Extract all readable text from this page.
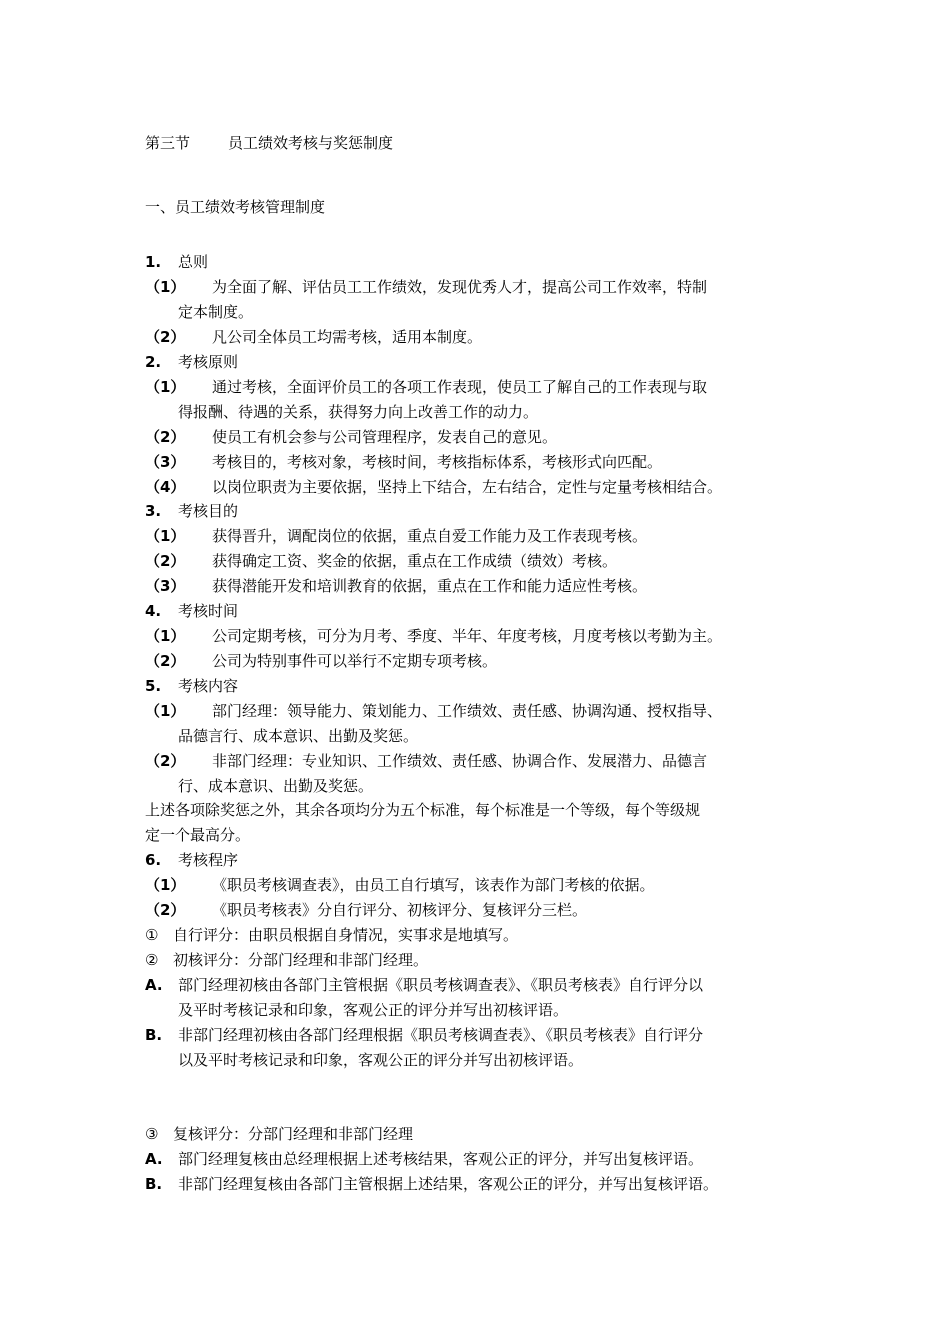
第三节	员工绩效考核与奖惩制度
一、员工绩效考核管理制度
1. 总则
（1） 为全面了解、评估员工工作绩效，发现优秀人才，提高公司工作效率，特制
定本制度。
（2） 凡公司全体员工均需考核，适用本制度。
2. 考核原则
（1） 通过考核，全面评价员工的各项工作表现，使员工了解自己的工作表现与取
得报酬、待遇的关系，获得努力向上改善工作的动力。
（2） 使员工有机会参与公司管理程序，发表自己的意见。
（3） 考核目的，考核对象，考核时间，考核指标体系，考核形式向匹配。
（4） 以岗位职责为主要依据，坚持上下结合，左右结合，定性与定量考核相结合。
3. 考核目的
（1） 获得晋升，调配岗位的依据，重点自爱工作能力及工作表现考核。
（2） 获得确定工资、奖金的依据，重点在工作成绩（绩效）考核。
（3） 获得潜能开发和培训教育的依据，重点在工作和能力适应性考核。
4. 考核时间
（1） 公司定期考核，可分为月考、季度、半年、年度考核，月度考核以考勤为主。
（2） 公司为特别事件可以举行不定期专项考核。
5. 考核内容
（1） 部门经理：领导能力、策划能力、工作绩效、责任感、协调沟通、授权指导、
品德言行、成本意识、出勤及奖惩。
（2） 非部门经理：专业知识、工作绩效、责任感、协调合作、发展潜力、品德言
行、成本意识、出勤及奖惩。
上述各项除奖惩之外，其余各项均分为五个标准，每个标准是一个等级，每个等级规
定一个最高分。
6. 考核程序
（1） 《职员考核调查表》，由员工自行填写，该表作为部门考核的依据。
（2） 《职员考核表》分自行评分、初核评分、复核评分三栏。
① 自行评分：由职员根据自身情况，实事求是地填写。
② 初核评分：分部门经理和非部门经理。
A. 部门经理初核由各部门主管根据《职员考核调查表》、《职员考核表》自行评分以
及平时考核记录和印象，客观公正的评分并写出初核评语。
B. 非部门经理初核由各部门经理根据《职员考核调查表》、《职员考核表》自行评分
以及平时考核记录和印象，客观公正的评分并写出初核评语。
③ 复核评分：分部门经理和非部门经理
A. 部门经理复核由总经理根据上述考核结果，客观公正的评分，并写出复核评语。
B. 非部门经理复核由各部门主管根据上述结果，客观公正的评分，并写出复核评语。
